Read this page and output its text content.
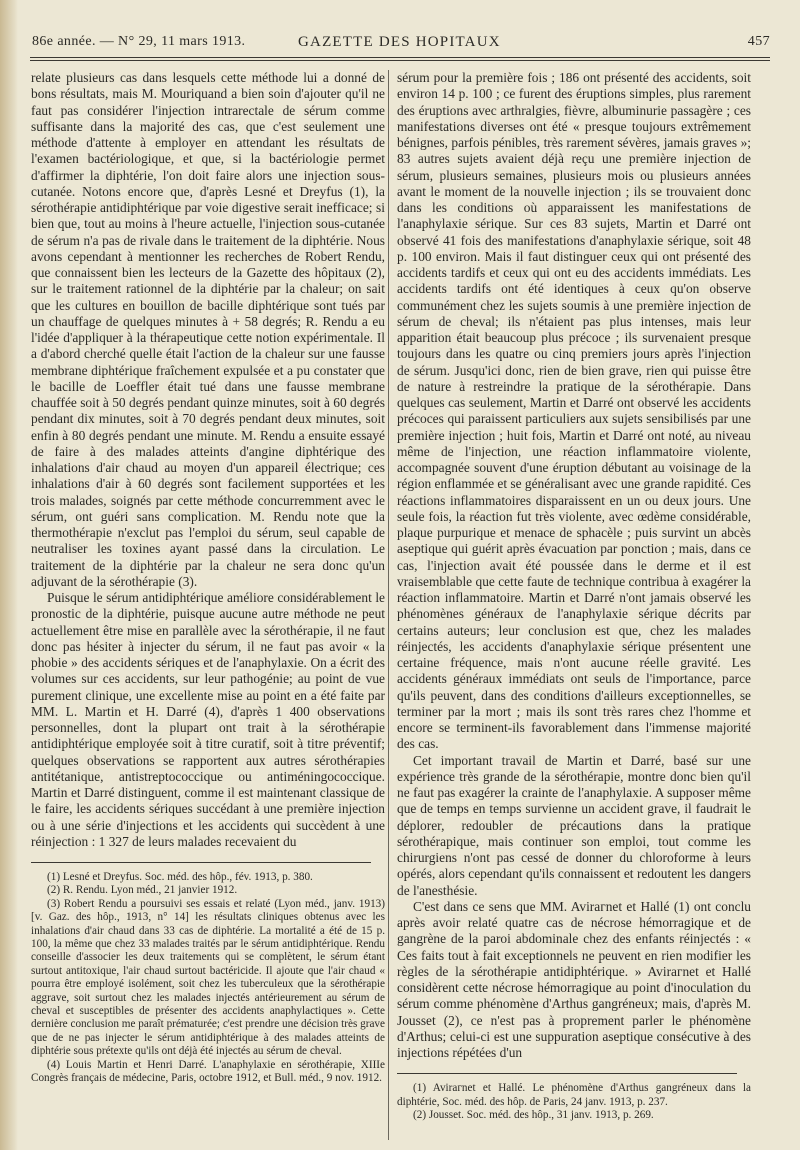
86e année. — N° 29, 11 mars 1913.	GAZETTE DES HOPITAUX	457

relate plusieurs cas dans lesquels cette méthode lui a donné de bons résultats, mais M. Mouriquand a bien soin d'ajouter qu'il ne faut pas considérer l'injection intrarectale de sérum comme suffisante dans la majorité des cas, que c'est seulement une méthode d'attente à employer en attendant les résultats de l'examen bactériologique, et que, si la bactériologie permet d'affirmer la diphtérie, l'on doit faire alors une injection sous-cutanée. Notons encore que, d'après Lesné et Dreyfus (1), la sérothérapie antidiphtérique par voie digestive serait inefficace; si bien que, tout au moins à l'heure actuelle, l'injection sous-cutanée de sérum n'a pas de rivale dans le traitement de la diphtérie. Nous avons cependant à mentionner les recherches de Robert Rendu, que connaissent bien les lecteurs de la Gazette des hôpitaux (2), sur le traitement rationnel de la diphtérie par la chaleur; on sait que les cultures en bouillon de bacille diphtérique sont tués par un chauffage de quelques minutes à + 58 degrés; R. Rendu a eu l'idée d'appliquer à la thérapeutique cette notion expérimentale. Il a d'abord cherché quelle était l'action de la chaleur sur une fausse membrane diphtérique fraîchement expulsée et a pu constater que le bacille de Loeffler était tué dans une fausse membrane chauffée soit à 50 degrés pendant quinze minutes, soit à 60 degrés pendant dix minutes, soit à 70 degrés pendant deux minutes, soit enfin à 80 degrés pendant une minute. M. Rendu a ensuite essayé de faire à des malades atteints d'angine diphtérique des inhalations d'air chaud au moyen d'un appareil électrique; ces inhalations d'air à 60 degrés sont facilement supportées et les trois malades, soignés par cette méthode concurremment avec le sérum, ont guéri sans complication. M. Rendu note que la thermothérapie n'exclut pas l'emploi du sérum, seul capable de neutraliser les toxines ayant passé dans la circulation. Le traitement de la diphtérie par la chaleur ne sera donc qu'un adjuvant de la sérothérapie (3).

Puisque le sérum antidiphtérique améliore considérablement le pronostic de la diphtérie, puisque aucune autre méthode ne peut actuellement être mise en parallèle avec la sérothérapie, il ne faut donc pas hésiter à injecter du sérum, il ne faut pas avoir « la phobie » des accidents sériques et de l'anaphylaxie. On a écrit des volumes sur ces accidents, sur leur pathogénie; au point de vue purement clinique, une excellente mise au point en a été faite par MM. L. Martin et H. Darré (4), d'après 1 400 observations personnelles, dont la plupart ont trait à la sérothérapie antidiphtérique employée soit à titre curatif, soit à titre préventif; quelques observations se rapportent aux autres sérothérapies antitétanique, antistreptococcique ou antiméningococcique. Martin et Darré distinguent, comme il est maintenant classique de le faire, les accidents sériques succédant à une première injection ou à une série d'injections et les accidents qui succèdent à une réinjection : 1 327 de leurs malades recevaient du

(1) Lesné et Dreyfus. Soc. méd. des hôp., fév. 1913, p. 380.

(2) R. Rendu. Lyon méd., 21 janvier 1912.

(3) Robert Rendu a poursuivi ses essais et relaté (Lyon méd., janv. 1913) [v. Gaz. des hôp., 1913, n° 14] les résultats cliniques obtenus avec les inhalations d'air chaud dans 33 cas de diphtérie. La mortalité a été de 15 p. 100, la même que chez 33 malades traités par le sérum antidiphtérique. Rendu conseille d'associer les deux traitements qui se complètent, le sérum étant surtout antitoxique, l'air chaud surtout bactéricide. Il ajoute que l'air chaud « pourra être employé isolément, soit chez les tuberculeux que la sérothérapie aggrave, soit surtout chez les malades injectés antérieurement au sérum de cheval et susceptibles de présenter des accidents anaphylactiques ». Cette dernière conclusion me paraît prématurée; c'est prendre une décision très grave que de ne pas injecter le sérum antidiphtérique à des malades atteints de diphtérie sous prétexte qu'ils ont déjà été injectés au sérum de cheval.

(4) Louis Martin et Henri Darré. L'anaphylaxie en sérothérapie, XIIIe Congrès français de médecine, Paris, octobre 1912, et Bull. méd., 9 nov. 1912.

sérum pour la première fois ; 186 ont présenté des accidents, soit environ 14 p. 100 ; ce furent des éruptions simples, plus rarement des éruptions avec arthralgies, fièvre, albuminurie passagère ; ces manifestations diverses ont été « presque toujours extrêmement bénignes, parfois pénibles, très rarement sévères, jamais graves »; 83 autres sujets avaient déjà reçu une première injection de sérum, plusieurs semaines, plusieurs mois ou plusieurs années avant le moment de la nouvelle injection ; ils se trouvaient donc dans les conditions où apparaissent les manifestations de l'anaphylaxie sérique. Sur ces 83 sujets, Martin et Darré ont observé 41 fois des manifestations d'anaphylaxie sérique, soit 48 p. 100 environ. Mais il faut distinguer ceux qui ont présenté des accidents tardifs et ceux qui ont eu des accidents immédiats. Les accidents tardifs ont été identiques à ceux qu'on observe communément chez les sujets soumis à une première injection de sérum de cheval; ils n'étaient pas plus intenses, mais leur apparition était beaucoup plus précoce ; ils survenaient presque toujours dans les quatre ou cinq premiers jours après l'injection de sérum. Jusqu'ici donc, rien de bien grave, rien qui puisse être de nature à restreindre la pratique de la sérothérapie. Dans quelques cas seulement, Martin et Darré ont observé les accidents précoces qui paraissent particuliers aux sujets sensibilisés par une première injection ; huit fois, Martin et Darré ont noté, au niveau même de l'injection, une réaction inflammatoire violente, accompagnée souvent d'une éruption débutant au voisinage de la région enflammée et se généralisant avec une grande rapidité. Ces réactions inflammatoires disparaissent en un ou deux jours. Une seule fois, la réaction fut très violente, avec œdème considérable, plaque purpurique et menace de sphacèle ; puis survint un abcès aseptique qui guérit après évacuation par ponction ; mais, dans ce cas, l'injection avait été poussée dans le derme et il est vraisemblable que cette faute de technique contribua à exagérer la réaction inflammatoire. Martin et Darré n'ont jamais observé les phénomènes généraux de l'anaphylaxie sérique décrits par certains auteurs; leur conclusion est que, chez les malades réinjectés, les accidents d'anaphylaxie sérique présentent une certaine fréquence, mais n'ont aucune réelle gravité. Les accidents généraux immédiats ont seuls de l'importance, parce qu'ils peuvent, dans des conditions d'ailleurs exceptionnelles, se terminer par la mort ; mais ils sont très rares chez l'homme et encore se terminent-ils favorablement dans l'immense majorité des cas.

Cet important travail de Martin et Darré, basé sur une expérience très grande de la sérothérapie, montre donc bien qu'il ne faut pas exagérer la crainte de l'anaphylaxie. A supposer même que de temps en temps survienne un accident grave, il faudrait le déplorer, redoubler de précautions dans la pratique sérothérapique, mais continuer son emploi, tout comme les chirurgiens n'ont pas cessé de donner du chloroforme à leurs opérés, alors cependant qu'ils connaissent et redoutent les dangers de l'anesthésie.

C'est dans ce sens que MM. Avirагnet et Hallé (1) ont conclu après avoir relaté quatre cas de nécrose hémorragique et de gangrène de la paroi abdominale chez des enfants réinjectés : « Ces faits tout à fait exceptionnels ne peuvent en rien modifier les règles de la sérothérapie antidiphtérique. » Avirагnet et Hallé considèrent cette nécrose hémorragique au point d'inoculation du sérum comme phénomène d'Arthus gangréneux; mais, d'après M. Jousset (2), ce n'est pas à proprement parler le phénomène d'Arthus; celui-ci est une suppuration aseptique consécutive à des injections répétées d'un

(1) Avirагnet et Hallé. Le phénomène d'Arthus gangréneux dans la diphtérie, Soc. méd. des hôp. de Paris, 24 janv. 1913, p. 237.

(2) Jousset. Soc. méd. des hôp., 31 janv. 1913, p. 269.
